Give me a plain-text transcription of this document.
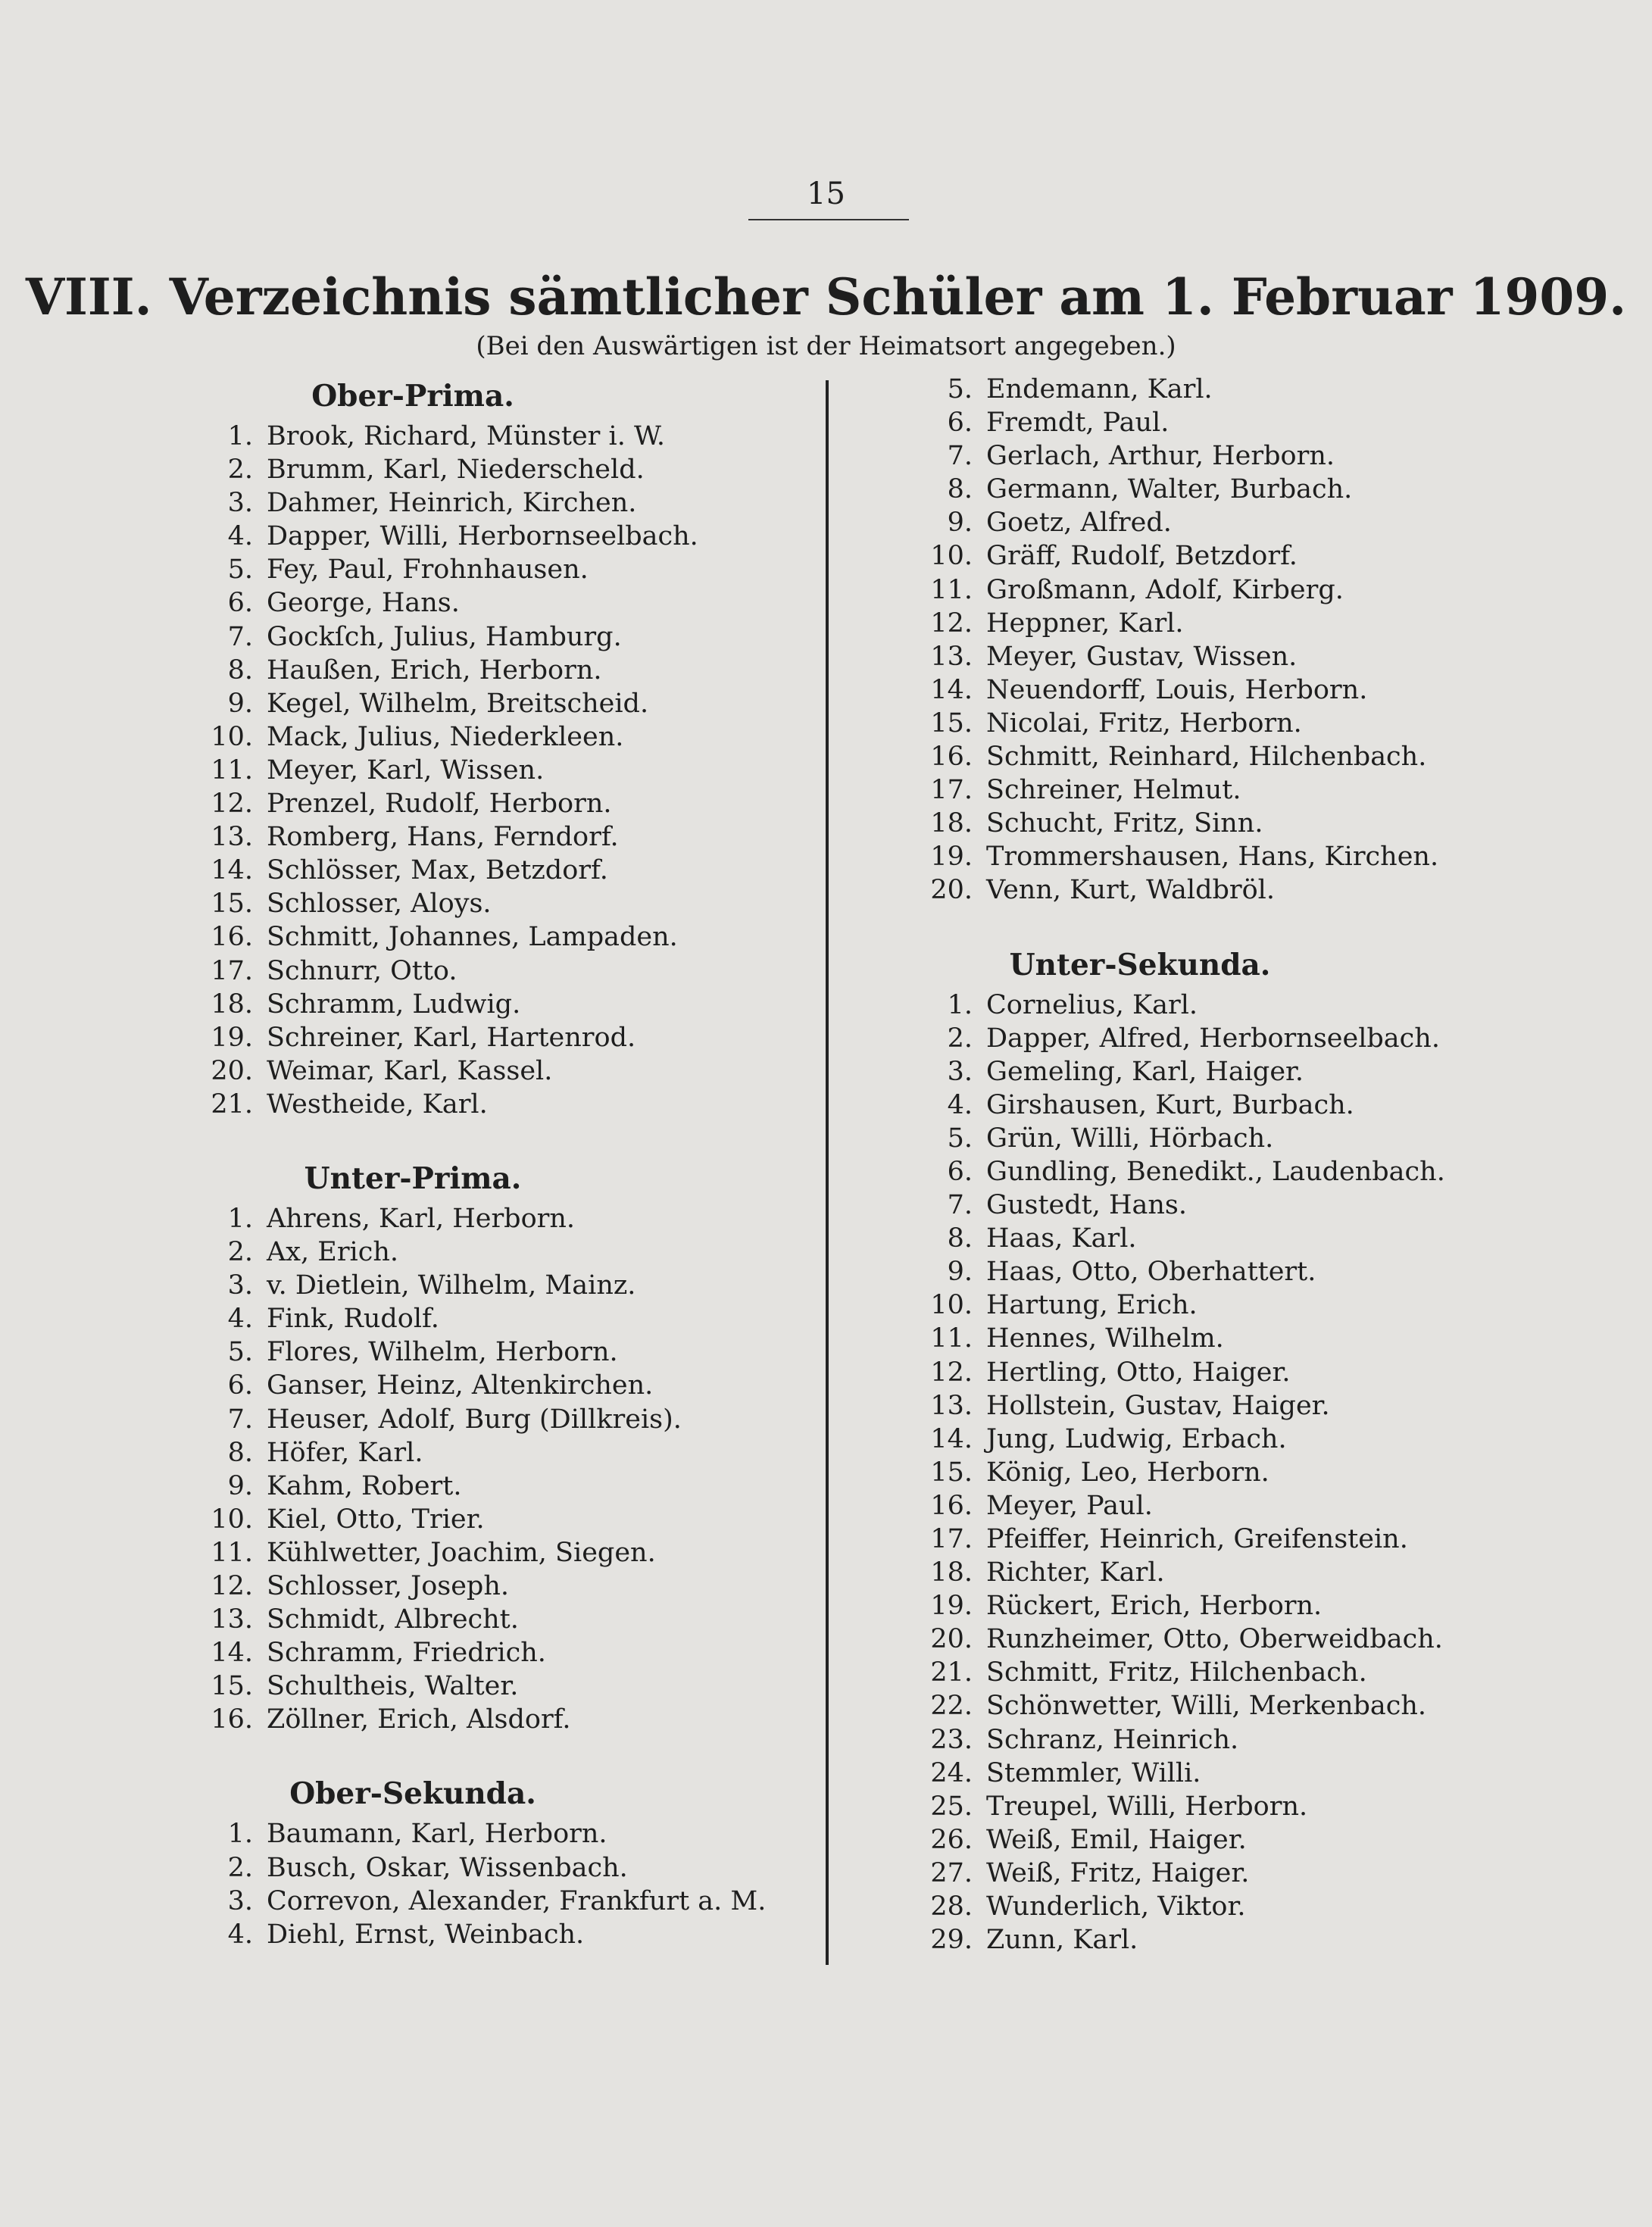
15
VIII. Verzeichnis sämtlicher Schüler am 1. Februar 1909.
(Bei den Auswärtigen ist der Heimatsort angegeben.)
Ober-Prima.
1. Brook, Richard, Münster i. W.
2. Brumm, Karl, Niederscheld.
3. Dahmer, Heinrich, Kirchen.
4. Dapper, Willi, Herbornseelbach.
5. Fey, Paul, Frohnhausen.
6. George, Hans.
7. Gockſch, Julius, Hamburg.
8. Haußen, Erich, Herborn.
9. Kegel, Wilhelm, Breitscheid.
10. Mack, Julius, Niederkleen.
11. Meyer, Karl, Wissen.
12. Prenzel, Rudolf, Herborn.
13. Romberg, Hans, Ferndorf.
14. Schlösser, Max, Betzdorf.
15. Schlosser, Aloys.
16. Schmitt, Johannes, Lampaden.
17. Schnurr, Otto.
18. Schramm, Ludwig.
19. Schreiner, Karl, Hartenrod.
20. Weimar, Karl, Kassel.
21. Westheide, Karl.
Unter-Prima.
1. Ahrens, Karl, Herborn.
2. Ax, Erich.
3. v. Dietlein, Wilhelm, Mainz.
4. Fink, Rudolf.
5. Flores, Wilhelm, Herborn.
6. Ganser, Heinz, Altenkirchen.
7. Heuser, Adolf, Burg (Dillkreis).
8. Höfer, Karl.
9. Kahm, Robert.
10. Kiel, Otto, Trier.
11. Kühlwetter, Joachim, Siegen.
12. Schlosser, Joseph.
13. Schmidt, Albrecht.
14. Schramm, Friedrich.
15. Schultheis, Walter.
16. Zöllner, Erich, Alsdorf.
Ober-Sekunda.
1. Baumann, Karl, Herborn.
2. Busch, Oskar, Wissenbach.
3. Correvon, Alexander, Frankfurt a. M.
4. Diehl, Ernst, Weinbach.
5. Endemann, Karl.
6. Fremdt, Paul.
7. Gerlach, Arthur, Herborn.
8. Germann, Walter, Burbach.
9. Goetz, Alfred.
10. Gräff, Rudolf, Betzdorf.
11. Großmann, Adolf, Kirberg.
12. Heppner, Karl.
13. Meyer, Gustav, Wissen.
14. Neuendorff, Louis, Herborn.
15. Nicolai, Fritz, Herborn.
16. Schmitt, Reinhard, Hilchenbach.
17. Schreiner, Helmut.
18. Schucht, Fritz, Sinn.
19. Trommershausen, Hans, Kirchen.
20. Venn, Kurt, Waldbröl.
Unter-Sekunda.
1. Cornelius, Karl.
2. Dapper, Alfred, Herbornseelbach.
3. Gemeling, Karl, Haiger.
4. Girshausen, Kurt, Burbach.
5. Grün, Willi, Hörbach.
6. Gundling, Benedikt., Laudenbach.
7. Gustedt, Hans.
8. Haas, Karl.
9. Haas, Otto, Oberhattert.
10. Hartung, Erich.
11. Hennes, Wilhelm.
12. Hertling, Otto, Haiger.
13. Hollstein, Gustav, Haiger.
14. Jung, Ludwig, Erbach.
15. König, Leo, Herborn.
16. Meyer, Paul.
17. Pfeiffer, Heinrich, Greifenstein.
18. Richter, Karl.
19. Rückert, Erich, Herborn.
20. Runzheimer, Otto, Oberweidbach.
21. Schmitt, Fritz, Hilchenbach.
22. Schönwetter, Willi, Merkenbach.
23. Schranz, Heinrich.
24. Stemmler, Willi.
25. Treupel, Willi, Herborn.
26. Weiß, Emil, Haiger.
27. Weiß, Fritz, Haiger.
28. Wunderlich, Viktor.
29. Zunn, Karl.
